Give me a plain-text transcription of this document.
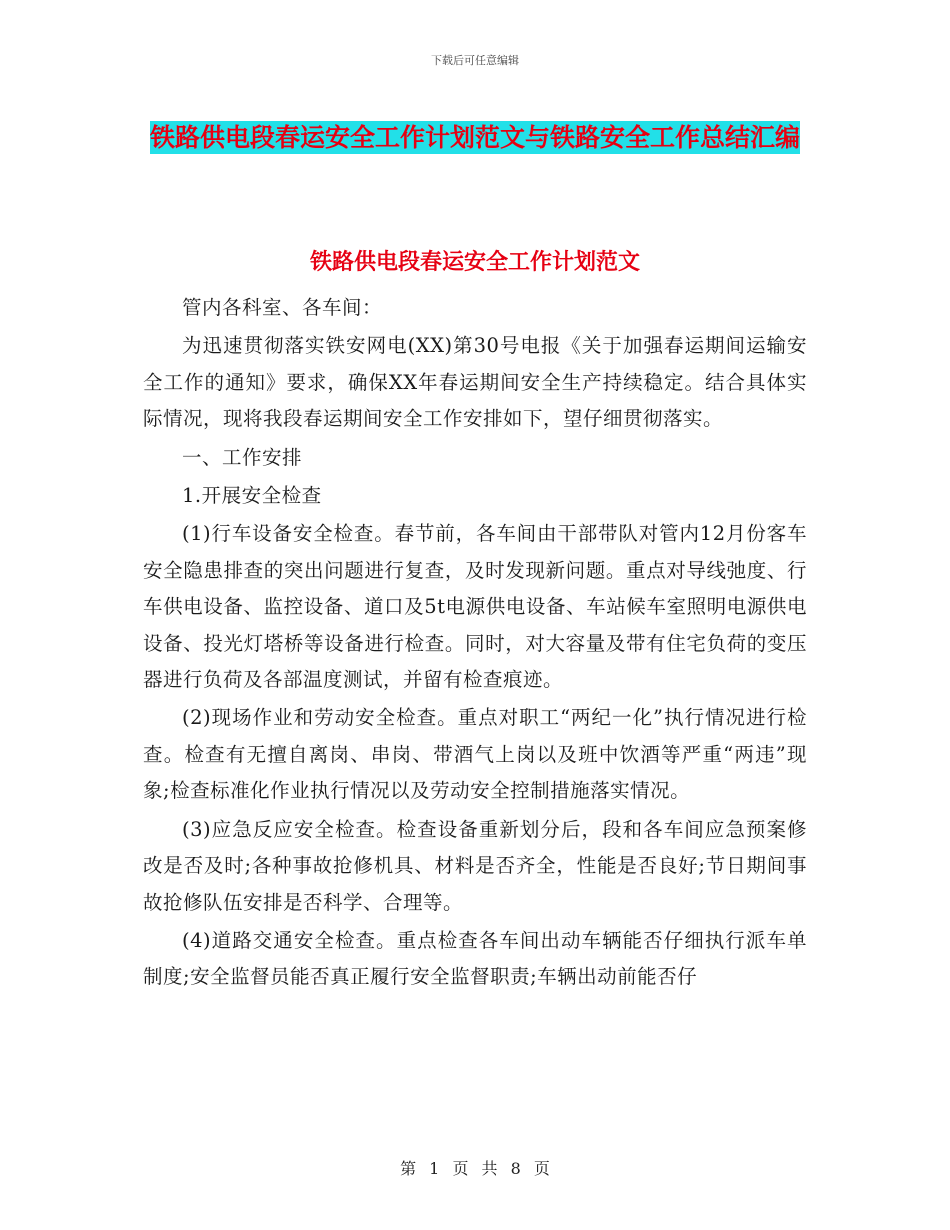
下载后可任意编辑
铁路供电段春运安全工作计划范文与铁路安全工作总结汇编
铁路供电段春运安全工作计划范文

管内各科室、各车间：

为迅速贯彻落实铁安网电(XX)第30号电报《关于加强春运期间运输安全工作的通知》要求，确保XX年春运期间安全生产持续稳定。结合具体实际情况，现将我段春运期间安全工作安排如下，望仔细贯彻落实。

一、工作安排

1.开展安全检查

(1)行车设备安全检查。春节前，各车间由干部带队对管内12月份客车安全隐患排查的突出问题进行复查，及时发现新问题。重点对导线弛度、行车供电设备、监控设备、道口及5t电源供电设备、车站候车室照明电源供电设备、投光灯塔桥等设备进行检查。同时，对大容量及带有住宅负荷的变压器进行负荷及各部温度测试，并留有检查痕迹。

(2)现场作业和劳动安全检查。重点对职工“两纪一化”执行情况进行检查。检查有无擅自离岗、串岗、带酒气上岗以及班中饮酒等严重“两违”现象;检查标准化作业执行情况以及劳动安全控制措施落实情况。

(3)应急反应安全检查。检查设备重新划分后，段和各车间应急预案修改是否及时;各种事故抢修机具、材料是否齐全，性能是否良好;节日期间事故抢修队伍安排是否科学、合理等。

(4)道路交通安全检查。重点检查各车间出动车辆能否仔细执行派车单制度;安全监督员能否真正履行安全监督职责;车辆出动前能否仔

第 1 页 共 8 页
